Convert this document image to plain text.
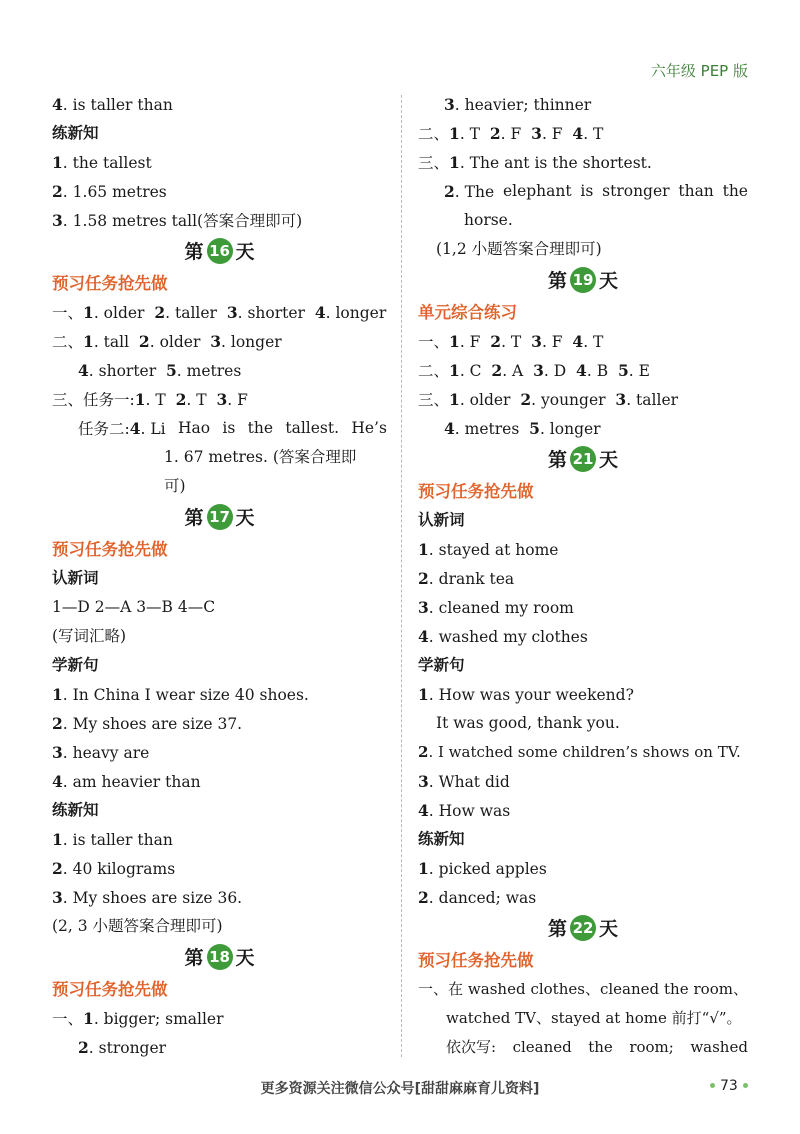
六年级 PEP 版
4. is taller than
练新知
1. the tallest
2. 1.65 metres
3. 1.58 metres tall(答案合理即可)
第 16 天
预习任务抢先做
一、1. older 2. taller 3. shorter 4. longer
二、1. tall 2. older 3. longer
4. shorter 5. metres
三、任务一:1. T 2. T 3. F
任务二:4. Li Hao is the tallest. He’s
1. 67 metres. (答案合理即
可)
第 17 天
预习任务抢先做
认新词
1—D 2—A 3—B 4—C
(写词汇略)
学新句
1. In China I wear size 40 shoes.
2. My shoes are size 37.
3. heavy are
4. am heavier than
练新知
1. is taller than
2. 40 kilograms
3. My shoes are size 36.
(2, 3 小题答案合理即可)
第 18 天
预习任务抢先做
一、1. bigger; smaller
2. stronger
3. heavier; thinner
二、1. T 2. F 3. F 4. T
三、1. The ant is the shortest.
2. The elephant is stronger than the
horse.
(1,2 小题答案合理即可)
第 19 天
单元综合练习
一、1. F 2. T 3. F 4. T
二、1. C 2. A 3. D 4. B 5. E
三、1. older 2. younger 3. taller
4. metres 5. longer
第 21 天
预习任务抢先做
认新词
1. stayed at home
2. drank tea
3. cleaned my room
4. washed my clothes
学新句
1. How was your weekend?
It was good, thank you.
2. I watched some children’s shows on TV.
3. What did
4. How was
练新知
1. picked apples
2. danced; was
第 22 天
预习任务抢先做
一、在 washed clothes、cleaned the room、
watched TV、stayed at home 前打“√”。
依次写: cleaned the room; washed
更多资源关注微信公众号[甜甜麻麻育儿资料]	73
